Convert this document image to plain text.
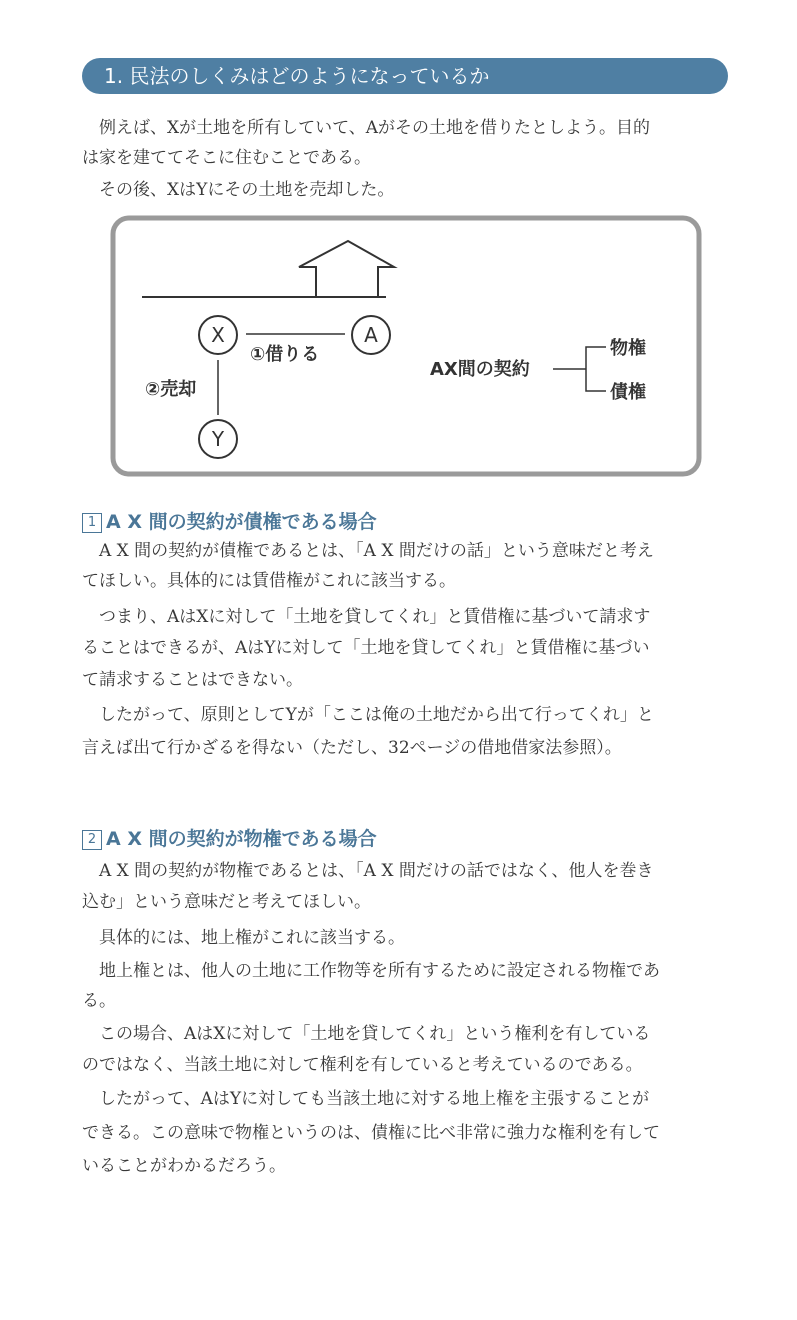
1. 民法のしくみはどのようになっているか

例えば、Xが土地を所有していて、Aがその土地を借りたとしよう。目的

は家を建ててそこに住むことである。

その後、XはYにその土地を売却した。

X	A
①借りる
②売却
Y
AX間の契約
物権
債権
1 A X 間の契約が債権である場合

A X 間の契約が債権であるとは、「A X 間だけの話」という意味だと考え

てほしい。具体的には賃借権がこれに該当する。

つまり、AはXに対して「土地を貸してくれ」と賃借権に基づいて請求す

ることはできるが、AはYに対して「土地を貸してくれ」と賃借権に基づい

て請求することはできない。

したがって、原則としてYが「ここは俺の土地だから出て行ってくれ」と

言えば出て行かざるを得ない（ただし、32ページの借地借家法参照）。

2 A X 間の契約が物権である場合

A X 間の契約が物権であるとは、「A X 間だけの話ではなく、他人を巻き

込む」という意味だと考えてほしい。

具体的には、地上権がこれに該当する。

地上権とは、他人の土地に工作物等を所有するために設定される物権であ

る。

この場合、AはXに対して「土地を貸してくれ」という権利を有している

のではなく、当該土地に対して権利を有していると考えているのである。

したがって、AはYに対しても当該土地に対する地上権を主張することが

できる。この意味で物権というのは、債権に比べ非常に強力な権利を有して

いることがわかるだろう。
